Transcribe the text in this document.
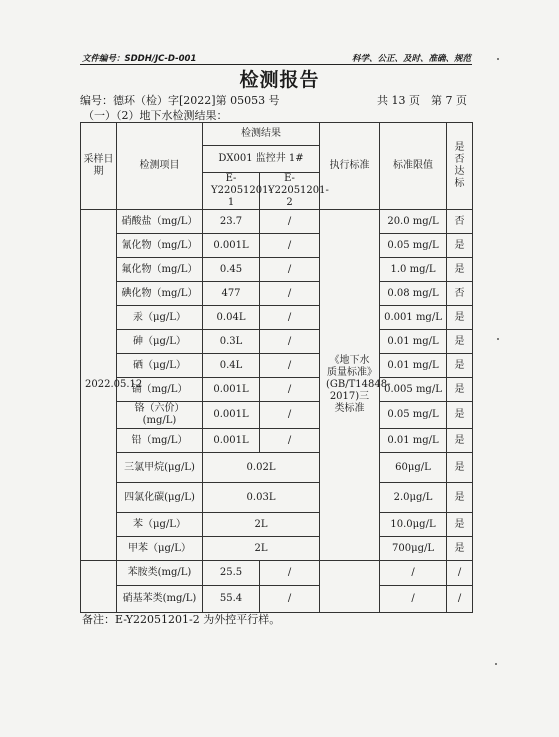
文件编号：SDDH/JC-D-001	科学、公正、及时、准确、规范
检测报告
编号：德环（检）字[2022]第 05053 号	共 13 页　第 7 页
（一）（2）地下水检测结果：
采样日期	检测项目	检测结果		执行标准	标准限值	是否达标
		DX001 监控井 1#				
		E-Y22051201-1	E-Y22051201-2			
2022.05.12	硝酸盐（mg/L）	23.7	/	《地下水质量标准》(GB/T14848-2017)三类标准	20.0 mg/L	否
	氰化物（mg/L）	0.001L	/		0.05 mg/L	是
	氟化物（mg/L）	0.45	/		1.0 mg/L	是
	碘化物（mg/L）	477	/		0.08 mg/L	否
	汞（μg/L）	0.04L	/		0.001 mg/L	是
	砷（μg/L）	0.3L	/		0.01 mg/L	是
	硒（μg/L）	0.4L	/		0.01 mg/L	是
	镉（mg/L）	0.001L	/		0.005 mg/L	是
	铬（六价）(mg/L)	0.001L	/		0.05 mg/L	是
	铅（mg/L）	0.001L	/		0.01 mg/L	是
	三氯甲烷(μg/L)	0.02L			60μg/L	是
	四氯化碳(μg/L)	0.03L			2.0μg/L	是
	苯（μg/L）	2L			10.0μg/L	是
	甲苯（μg/L）	2L			700μg/L	是
	苯胺类(mg/L)	25.5	/		/	/
	硝基苯类(mg/L)	55.4	/		/	/
备注：E-Y22051201-2 为外控平行样。
